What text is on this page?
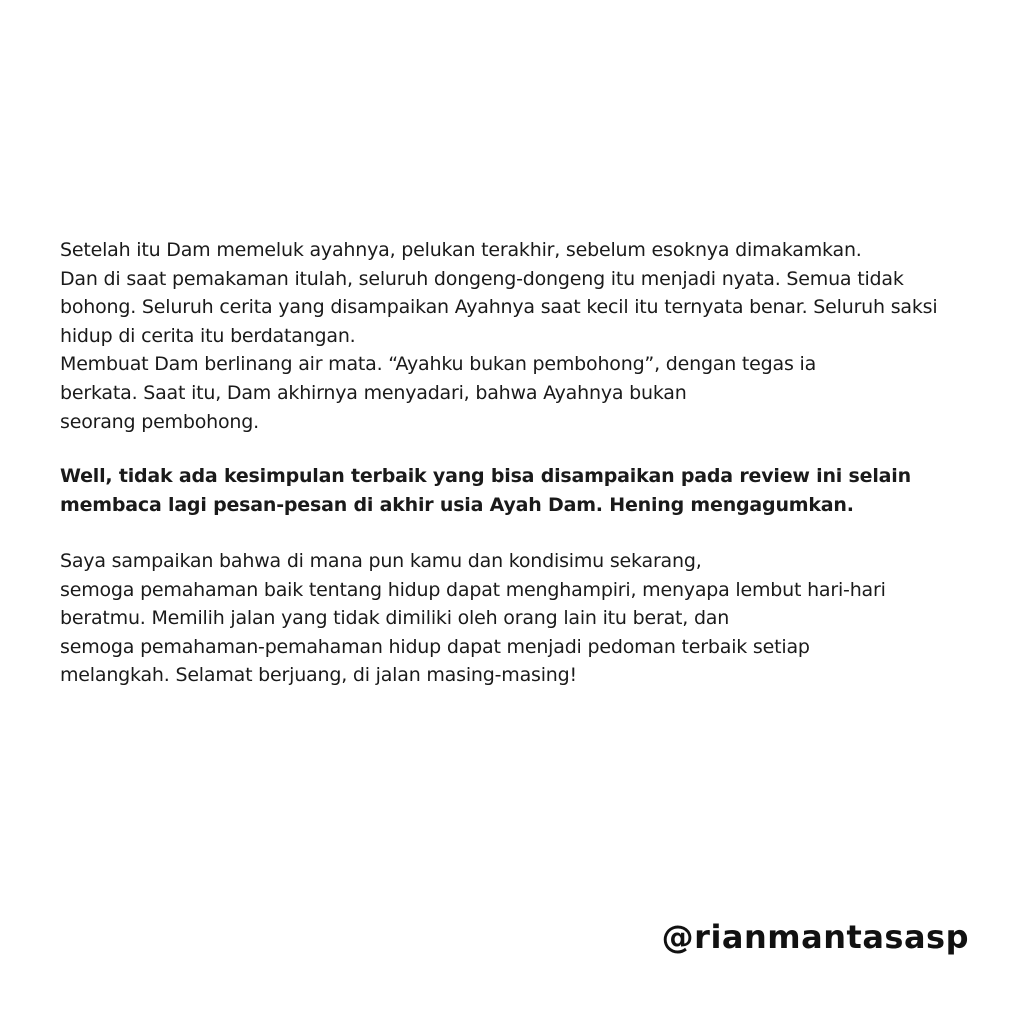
Setelah itu Dam memeluk ayahnya, pelukan terakhir, sebelum esoknya dimakamkan.
Dan di saat pemakaman itulah, seluruh dongeng-dongeng itu menjadi nyata. Semua tidak
bohong. Seluruh cerita yang disampaikan Ayahnya saat kecil itu ternyata benar. Seluruh saksi
hidup di cerita itu berdatangan.
Membuat Dam berlinang air mata. “Ayahku bukan pembohong”, dengan tegas ia
berkata. Saat itu, Dam akhirnya menyadari, bahwa Ayahnya bukan
seorang pembohong.
Well, tidak ada kesimpulan terbaik yang bisa disampaikan pada review ini selain
membaca lagi pesan-pesan di akhir usia Ayah Dam. Hening mengagumkan.
Saya sampaikan bahwa di mana pun kamu dan kondisimu sekarang,
semoga pemahaman baik tentang hidup dapat menghampiri, menyapa lembut hari-hari
beratmu. Memilih jalan yang tidak dimiliki oleh orang lain itu berat, dan
semoga pemahaman-pemahaman hidup dapat menjadi pedoman terbaik setiap
melangkah. Selamat berjuang, di jalan masing-masing!
@rianmantasasp
